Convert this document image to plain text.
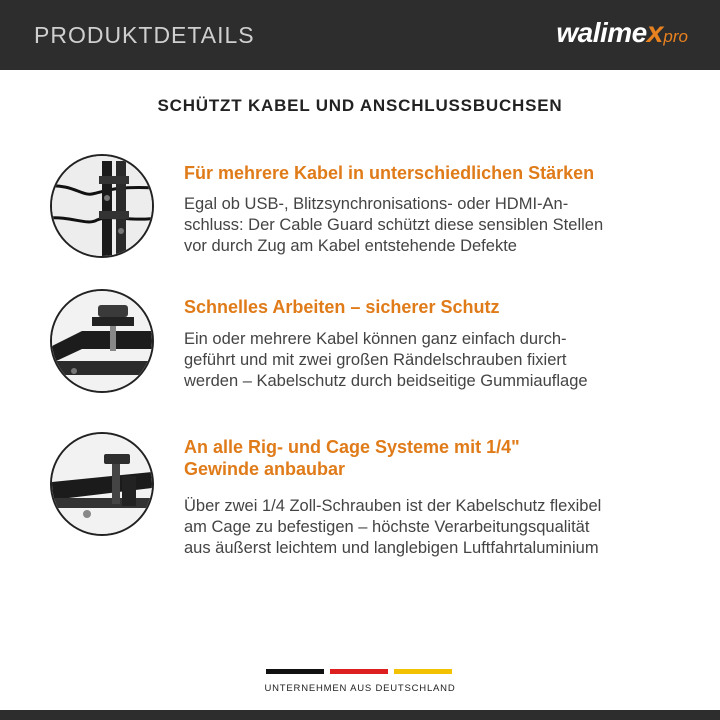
PRODUKTDETAILS	walimexpro
SCHÜTZT KABEL UND ANSCHLUSSBUCHSEN
Für mehrere Kabel in unterschiedlichen Stärken
Egal ob USB-, Blitzsynchronisations- oder HDMI-An-
schluss: Der Cable Guard schützt diese sensiblen Stellen
vor durch Zug am Kabel entstehende Defekte
Schnelles Arbeiten – sicherer Schutz
Ein oder mehrere Kabel können ganz einfach durch-
geführt und mit zwei großen Rändelschrauben fixiert
werden – Kabelschutz durch beidseitige Gummiauflage
An alle Rig- und Cage Systeme mit 1/4"
Gewinde anbaubar
Über zwei 1/4 Zoll-Schrauben ist der Kabelschutz flexibel
am Cage zu befestigen – höchste Verarbeitungsqualität
aus äußerst leichtem und langlebigen Luftfahrtaluminium
UNTERNEHMEN AUS DEUTSCHLAND
